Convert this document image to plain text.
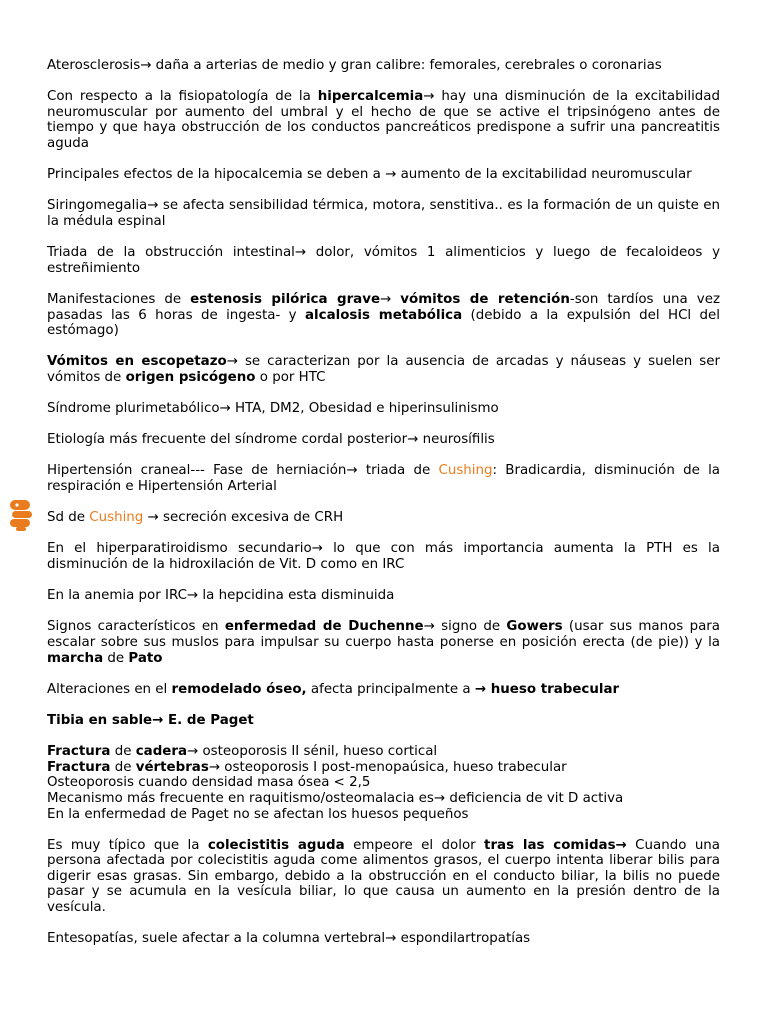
Aterosclerosis→ daña a arterias de medio y gran calibre: femorales, cerebrales o coronarias

Con respecto a la fisiopatología de la hipercalcemia→ hay una disminución de la excitabilidad neuromuscular por aumento del umbral y el hecho de que se active el tripsinógeno antes de tiempo y que haya obstrucción de los conductos pancreáticos predispone a sufrir una pancreatitis aguda

Principales efectos de la hipocalcemia se deben a → aumento de la excitabilidad neuromuscular

Siringomegalia→ se afecta sensibilidad térmica, motora, senstitiva.. es la formación de un quiste en la médula espinal

Triada de la obstrucción intestinal→ dolor, vómitos 1 alimenticios y luego de fecaloideos y estreñimiento

Manifestaciones de estenosis pilórica grave→ vómitos de retención-son tardíos una vez pasadas las 6 horas de ingesta- y alcalosis metabólica (debido a la expulsión del HCl del estómago)

Vómitos en escopetazo→ se caracterizan por la ausencia de arcadas y náuseas y suelen ser vómitos de origen psicógeno o por HTC

Síndrome plurimetabólico→ HTA, DM2, Obesidad e hiperinsulinismo

Etiología más frecuente del síndrome cordal posterior→ neurosífilis

Hipertensión craneal--- Fase de herniación→ triada de Cushing: Bradicardia, disminución de la respiración e Hipertensión Arterial

Sd de Cushing → secreción excesiva de CRH

En el hiperparatiroidismo secundario→ lo que con más importancia aumenta la PTH es la disminución de la hidroxilación de Vit. D como en IRC

En la anemia por IRC→ la hepcidina esta disminuida

Signos característicos en enfermedad de Duchenne→ signo de Gowers (usar sus manos para escalar sobre sus muslos para impulsar su cuerpo hasta ponerse en posición erecta (de pie)) y la marcha de Pato

Alteraciones en el remodelado óseo, afecta principalmente a → hueso trabecular

Tibia en sable→ E. de Paget

Fractura de cadera→ osteoporosis II sénil, hueso cortical

Fractura de vértebras→ osteoporosis I post-menopaúsica, hueso trabecular

Osteoporosis cuando densidad masa ósea < 2,5

Mecanismo más frecuente en raquitismo/osteomalacia es→ deficiencia de vit D activa

En la enfermedad de Paget no se afectan los huesos pequeños

Es muy típico que la colecistitis aguda empeore el dolor tras las comidas→ Cuando una persona afectada por colecistitis aguda come alimentos grasos, el cuerpo intenta liberar bilis para digerir esas grasas. Sin embargo, debido a la obstrucción en el conducto biliar, la bilis no puede pasar y se acumula en la vesícula biliar, lo que causa un aumento en la presión dentro de la vesícula.

Entesopatías, suele afectar a la columna vertebral→ espondilartropatías
